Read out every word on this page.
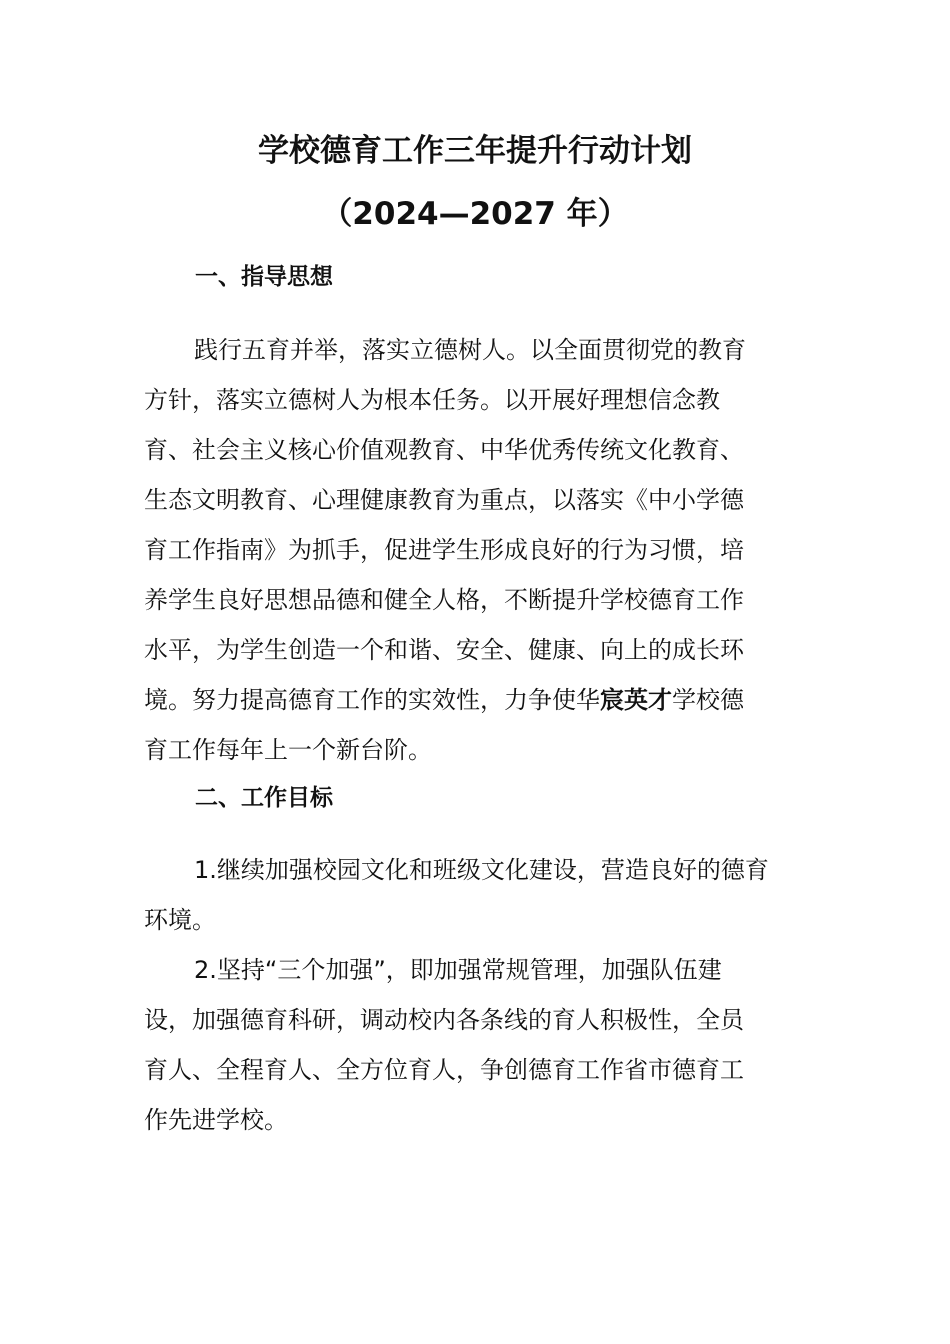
学校德育工作三年提升行动计划
（2024—2027 年）
一、指导思想

践行五育并举，落实立德树人。以全面贯彻党的教育
方针，落实立德树人为根本任务。以开展好理想信念教
育、社会主义核心价值观教育、中华优秀传统文化教育、
生态文明教育、心理健康教育为重点，以落实《中小学德
育工作指南》为抓手，促进学生形成良好的行为习惯，培
养学生良好思想品德和健全人格，不断提升学校德育工作
水平，为学生创造一个和谐、安全、健康、向上的成长环
境。努力提高德育工作的实效性，力争使华宸英才学校德
育工作每年上一个新台阶。

二、工作目标

1.继续加强校园文化和班级文化建设，营造良好的德育
环境。

2.坚持“三个加强”，即加强常规管理，加强队伍建
设，加强德育科研，调动校内各条线的育人积极性，全员
育人、全程育人、全方位育人，争创德育工作省市德育工
作先进学校。
